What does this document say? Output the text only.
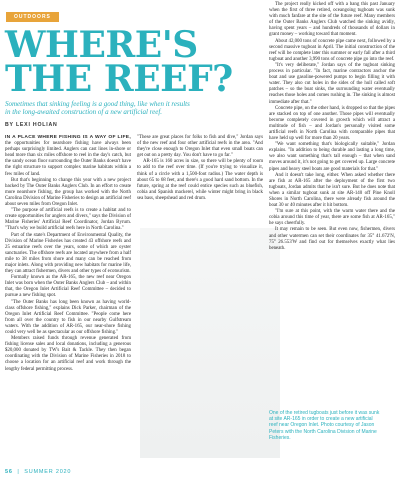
OUTDOORS
WHERE'S
THE REEF?
Sometimes that sinking feeling is a good thing, like when it results in the long-awaited construction of a new artificial reef.
BY LEXI HOLIAN

IN A PLACE WHERE FISHING IS A WAY OF LIFE, the opportunities for nearshore fishing have always been perhaps surprisingly limited. Anglers can cast lines in-shore or head more than six miles offshore to reel in the day's catch, but the sandy ocean floor surrounding the Outer Banks doesn't have the right structure to support complex marine habitats within a few miles of land.

But that's beginning to change this year with a new project backed by The Outer Banks Anglers Club. In an effort to create more nearshore fishing, the group has worked with the North Carolina Division of Marine Fisheries to design an artificial reef about seven miles from Oregon Inlet.

"The purpose of artificial reefs is to create a habitat and to create opportunities for anglers and divers," says the Division of Marine Fisheries' Artificial Reef Coordinator, Jordan Byrum. "That's why we build artificial reefs here in North Carolina."

Part of the state's Department of Environmental Quality, the Division of Marine Fisheries has created 43 offshore reefs and 25 estuarine reefs over the years, some of which are oyster sanctuaries. The offshore reefs are located anywhere from a half mile to 38 miles from shore and many can be reached from major inlets. Along with providing new habitats for marine life, they can attract fishermen, divers and other types of ecotourism.

Formally known as the AR-165, the new reef near Oregon Inlet was born when the Outer Banks Anglers Club – and within that, the Oregon Inlet Artificial Reef Committee – decided to pursue a new fishing spot.

"The Outer Banks has long been known as having world-class offshore fishing," explains Dick Parker, chairman of the Oregon Inlet Artificial Reef Committee. "People come here from all over the country to fish in our nearby Gulfstream waters. With the addition of AR-165, our near-shore fishing could very well be as spectacular as our offshore fishing."

Members raised funds through revenue generated from fishing license sales and local donations, including a generous $20,000 donated by TW's Bait & Tackle. They then began coordinating with the Division of Marine Fisheries in 2018 to choose a location for an artificial reef and work through the lengthy federal permitting process.

"These are great places for folks to fish and dive," Jordan says of the new reef and four other artificial reefs in the area. "And they're close enough to Oregon Inlet that even small boats can get out on a pretty day. You don't have to go far."

AR-165 is 160 acres in size, so there will be plenty of room to add to the reef over time. (If you're trying to visualize it, think of a circle with a 1,500-foot radius.) The water depth is about 65 to 68 feet, and there's a good hard sand bottom. In the future, spring at the reef could entice species such as bluefish, cobia and Spanish mackerel, while winter might bring in black sea bass, sheepshead and red drum.

The project really kicked off with a bang this past January when the first of three retired, oceangoing tugboats was sunk with much fanfare at the site of the future reef. Many members of the Outer Banks Anglers Club watched the sinking avidly, having spent years – and hundreds of thousands of dollars in grant money – working toward that moment.

About 42,000 tons of concrete pipe came next, followed by a second massive tugboat in April. The initial construction of the reef will be complete later this summer or early fall after a third tugboat and another 3,990 tons of concrete pipe go into the reef.

"It's very deliberate," Jordan says of the tugboat sinking process in particular. "In fact, marine contractors anchor the boat and use gasoline-powered pumps to begin filling it with water. They also cut holes in the sides of the hull called soft patches – so the boat sinks, the surrounding water eventually reaches those holes and comes rushing in. The sinking is almost immediate after that."

Concrete pipe, on the other hand, is dropped so that the pipes are stacked on top of one another. Those pipes will eventually become completely covered in growth which will attract a multitude of fish – and Jordan's personally visited some artificial reefs in North Carolina with comparable pipes that have held up well for more than 20 years.

"We want something that's biologically suitable," Jordan explains. "In addition to being durable and lasting a long time, we also want something that's tall enough – that when sand moves around it, it's not going to get covered up. Large concrete pipes and heavy steel boats are good materials for that."

And it doesn't take long, either. When asked whether there are fish at AR-165 after the deployment of the first two tugboats, Jordan admits that he isn't sure. But he does note that when a similar tugboat sunk at site AR-140 off Pine Knoll Shores in North Carolina, there were already fish around the boat 30 or 40 minutes after it hit bottom.

"I'm sure at this point, with the warm water there and the cobia around this time of year, there are some fish at AR-165," he says cheerfully.

It may remain to be seen. But even now, fishermen, divers and other watermen can set their coordinates for 35° 41.672'N, 75° 26.553'W and find out for themselves exactly what lies beneath.

One of the retired tugboats just before it was sunk at site AR-165 in order to create a new artificial reef near Oregon Inlet. Photo courtesy of Jason Peters with the North Carolina Division of Marine Fisheries.
56  |  SUMMER 2020
